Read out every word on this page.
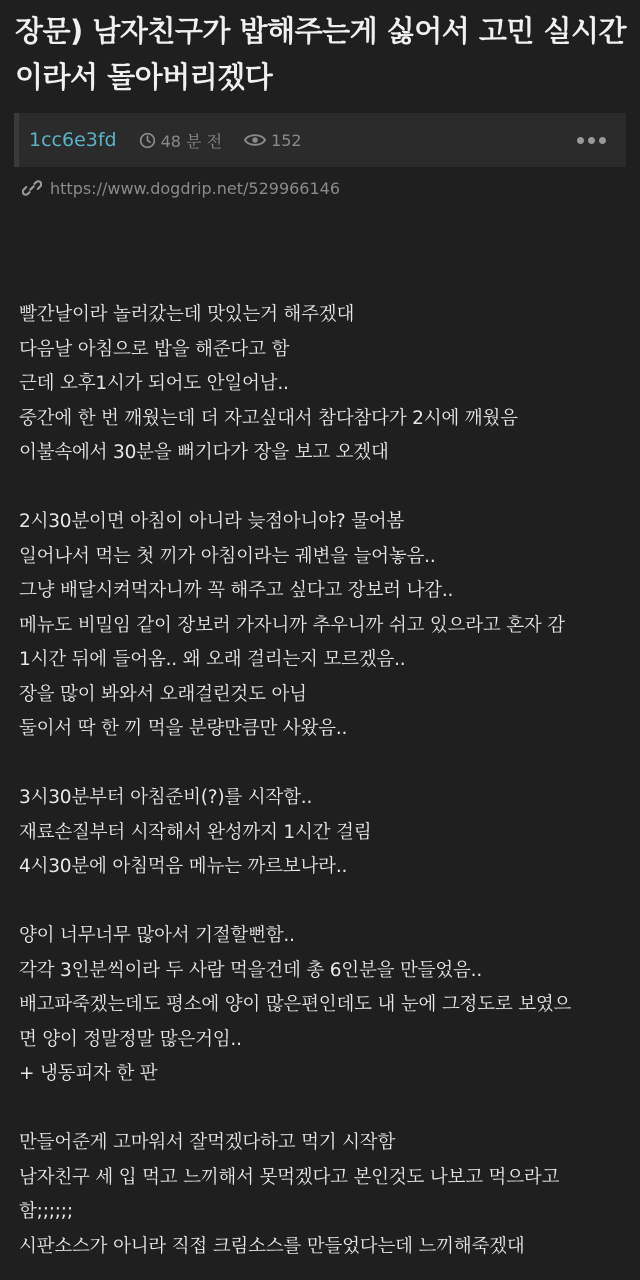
장문) 남자친구가 밥해주는게 싫어서 고민 실시간 이라서 돌아버리겠다
1cc6e3fd	48 분 전	152
https://www.dogdrip.net/529966146

빨간날이라 놀러갔는데 맛있는거 해주겠대
다음날 아침으로 밥을 해준다고 함
근데 오후1시가 되어도 안일어남..
중간에 한 번 깨웠는데 더 자고싶대서 참다참다가 2시에 깨웠음
이불속에서 30분을 뻐기다가 장을 보고 오겠대

2시30분이면 아침이 아니라 늦점아니야? 물어봄
일어나서 먹는 첫 끼가 아침이라는 궤변을 늘어놓음..
그냥 배달시켜먹자니까 꼭 해주고 싶다고 장보러 나감..
메뉴도 비밀임 같이 장보러 가자니까 추우니까 쉬고 있으라고 혼자 감
1시간 뒤에 들어옴.. 왜 오래 걸리는지 모르겠음..
장을 많이 봐와서 오래걸린것도 아님
둘이서 딱 한 끼 먹을 분량만큼만 사왔음..

3시30분부터 아침준비(?)를 시작함..
재료손질부터 시작해서 완성까지 1시간 걸림
4시30분에 아침먹음 메뉴는 까르보나라..

양이 너무너무 많아서 기절할뻔함..
각각 3인분씩이라 두 사람 먹을건데 총 6인분을 만들었음..
배고파죽겠는데도 평소에 양이 많은편인데도 내 눈에 그정도로 보였으
면 양이 정말정말 많은거임..
+ 냉동피자 한 판

만들어준게 고마워서 잘먹겠다하고 먹기 시작함
남자친구 세 입 먹고 느끼해서 못먹겠다고 본인것도 나보고 먹으라고
함;;;;;;
시판소스가 아니라 직접 크림소스를 만들었다는데 느끼해죽겠대
